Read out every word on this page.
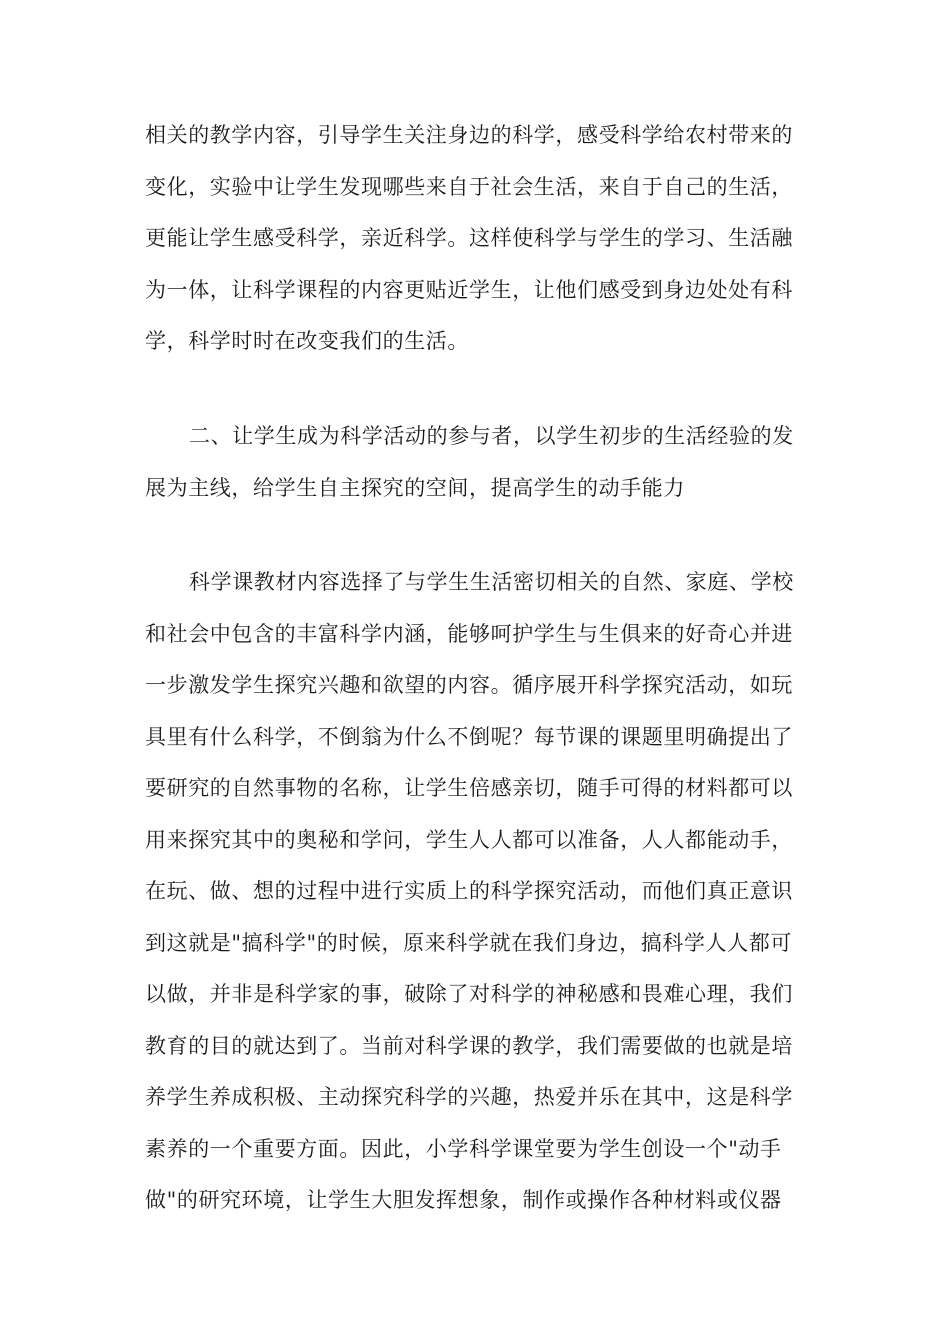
相关的教学内容，引导学生关注身边的科学，感受科学给农村带来的
变化，实验中让学生发现哪些来自于社会生活，来自于自己的生活，
更能让学生感受科学，亲近科学。这样使科学与学生的学习、生活融
为一体，让科学课程的内容更贴近学生，让他们感受到身边处处有科
学，科学时时在改变我们的生活。
二、让学生成为科学活动的参与者，以学生初步的生活经验的发
展为主线，给学生自主探究的空间，提高学生的动手能力
科学课教材内容选择了与学生生活密切相关的自然、家庭、学校
和社会中包含的丰富科学内涵，能够呵护学生与生俱来的好奇心并进
一步激发学生探究兴趣和欲望的内容。循序展开科学探究活动，如玩
具里有什么科学，不倒翁为什么不倒呢？每节课的课题里明确提出了
要研究的自然事物的名称，让学生倍感亲切，随手可得的材料都可以
用来探究其中的奥秘和学问，学生人人都可以准备，人人都能动手，
在玩、做、想的过程中进行实质上的科学探究活动，而他们真正意识
到这就是"搞科学"的时候，原来科学就在我们身边，搞科学人人都可
以做，并非是科学家的事，破除了对科学的神秘感和畏难心理，我们
教育的目的就达到了。当前对科学课的教学，我们需要做的也就是培
养学生养成积极、主动探究科学的兴趣，热爱并乐在其中，这是科学
素养的一个重要方面。因此，小学科学课堂要为学生创设一个"动手
做"的研究环境，让学生大胆发挥想象，制作或操作各种材料或仪器
